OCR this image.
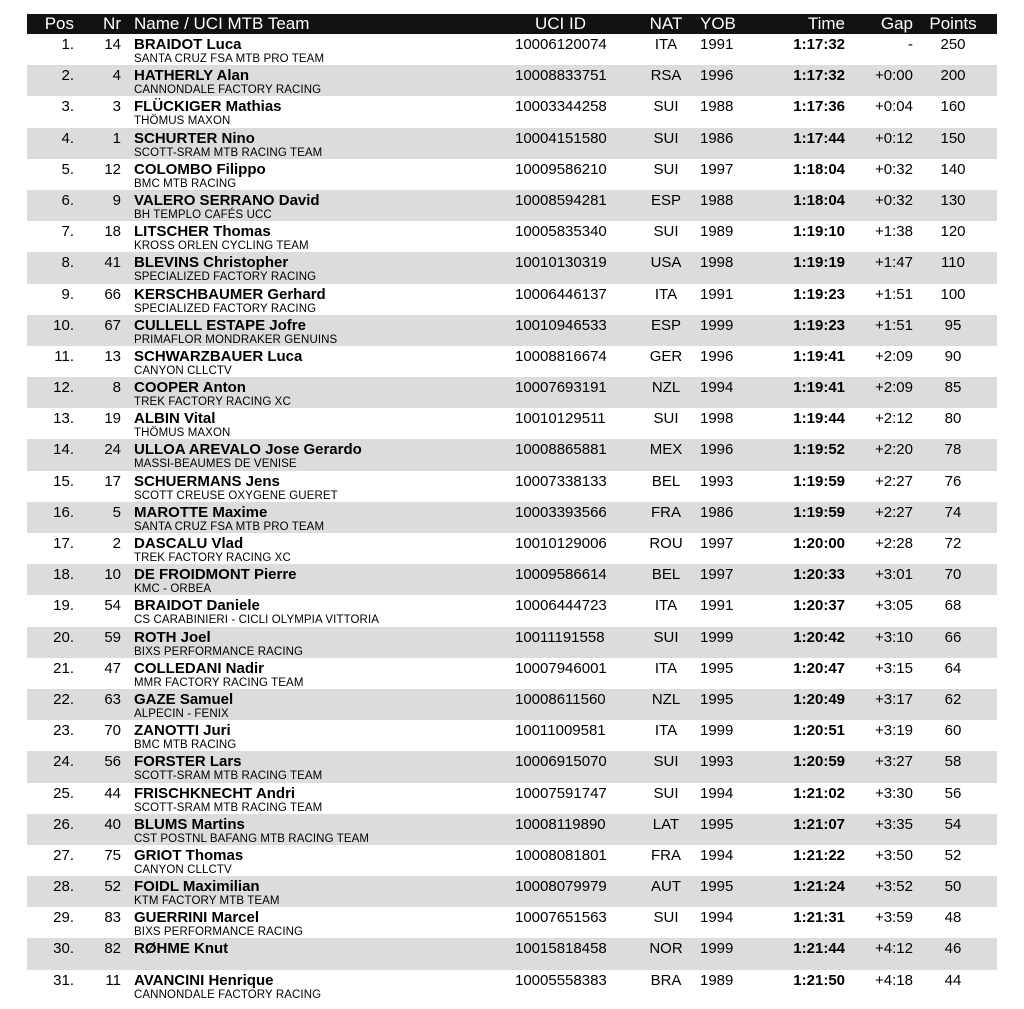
Pos	Nr Name / UCI MTB Team	UCI ID	NAT YOB	Time	Gap Points
1.	14 BRAIDOT Luca	10006120074	ITA	1991	1:17:32	-	250
SANTA CRUZ FSA MTB PRO TEAM
2.	4 HATHERLY Alan	10008833751	RSA	1996	1:17:32	+0:00	200
CANNONDALE FACTORY RACING
3.	3 FLÜCKIGER Mathias	10003344258	SUI	1988	1:17:36	+0:04	160
THÖMUS MAXON
4.	1 SCHURTER Nino	10004151580	SUI	1986	1:17:44	+0:12	150
SCOTT-SRAM MTB RACING TEAM
5.	12 COLOMBO Filippo	10009586210	SUI	1997	1:18:04	+0:32	140
BMC MTB RACING
6.	9 VALERO SERRANO David	10008594281	ESP	1988	1:18:04	+0:32	130
BH TEMPLO CAFÉS UCC
7.	18 LITSCHER Thomas	10005835340	SUI	1989	1:19:10	+1:38	120
KROSS ORLEN CYCLING TEAM
8.	41 BLEVINS Christopher	10010130319	USA	1998	1:19:19	+1:47	110
SPECIALIZED FACTORY RACING
9.	66 KERSCHBAUMER Gerhard	10006446137	ITA	1991	1:19:23	+1:51	100
SPECIALIZED FACTORY RACING
10.	67 CULLELL ESTAPE Jofre	10010946533	ESP	1999	1:19:23	+1:51	95
PRIMAFLOR MONDRAKER GENUINS
11.	13 SCHWARZBAUER Luca	10008816674	GER	1996	1:19:41	+2:09	90
CANYON CLLCTV
12.	8 COOPER Anton	10007693191	NZL	1994	1:19:41	+2:09	85
TREK FACTORY RACING XC
13.	19 ALBIN Vital	10010129511	SUI	1998	1:19:44	+2:12	80
THÖMUS MAXON
14.	24 ULLOA AREVALO Jose Gerardo	10008865881	MEX	1996	1:19:52	+2:20	78
MASSI-BEAUMES DE VENISE
15.	17 SCHUERMANS Jens	10007338133	BEL	1993	1:19:59	+2:27	76
SCOTT CREUSE OXYGENE GUERET
16.	5 MAROTTE Maxime	10003393566	FRA	1986	1:19:59	+2:27	74
SANTA CRUZ FSA MTB PRO TEAM
17.	2 DASCALU Vlad	10010129006	ROU 1997	1:20:00	+2:28	72
TREK FACTORY RACING XC
18.	10 DE FROIDMONT Pierre	10009586614	BEL	1997	1:20:33	+3:01	70
KMC - ORBEA
19.	54 BRAIDOT Daniele	10006444723	ITA	1991	1:20:37	+3:05	68
CS CARABINIERI - CICLI OLYMPIA VITTORIA
20.	59 ROTH Joel	10011191558	SUI	1999	1:20:42	+3:10	66
BIXS PERFORMANCE RACING
21.	47 COLLEDANI Nadir	10007946001	ITA	1995	1:20:47	+3:15	64
MMR FACTORY RACING TEAM
22.	63 GAZE Samuel	10008611560	NZL	1995	1:20:49	+3:17	62
ALPECIN - FENIX
23.	70 ZANOTTI Juri	10011009581	ITA	1999	1:20:51	+3:19	60
BMC MTB RACING
24.	56 FORSTER Lars	10006915070	SUI	1993	1:20:59	+3:27	58
SCOTT-SRAM MTB RACING TEAM
25.	44 FRISCHKNECHT Andri	10007591747	SUI	1994	1:21:02	+3:30	56
SCOTT-SRAM MTB RACING TEAM
26.	40 BLUMS Martins	10008119890	LAT	1995	1:21:07	+3:35	54
CST POSTNL BAFANG MTB RACING TEAM
27.	75 GRIOT Thomas	10008081801	FRA	1994	1:21:22	+3:50	52
CANYON CLLCTV
28.	52 FOIDL Maximilian	10008079979	AUT	1995	1:21:24	+3:52	50
KTM FACTORY MTB TEAM
29.	83 GUERRINI Marcel	10007651563	SUI	1994	1:21:31	+3:59	48
BIXS PERFORMANCE RACING
30.	82 RØHME Knut	10015818458	NOR 1999	1:21:44	+4:12	46
31.	11 AVANCINI Henrique	10005558383	BRA	1989	1:21:50	+4:18	44
CANNONDALE FACTORY RACING
